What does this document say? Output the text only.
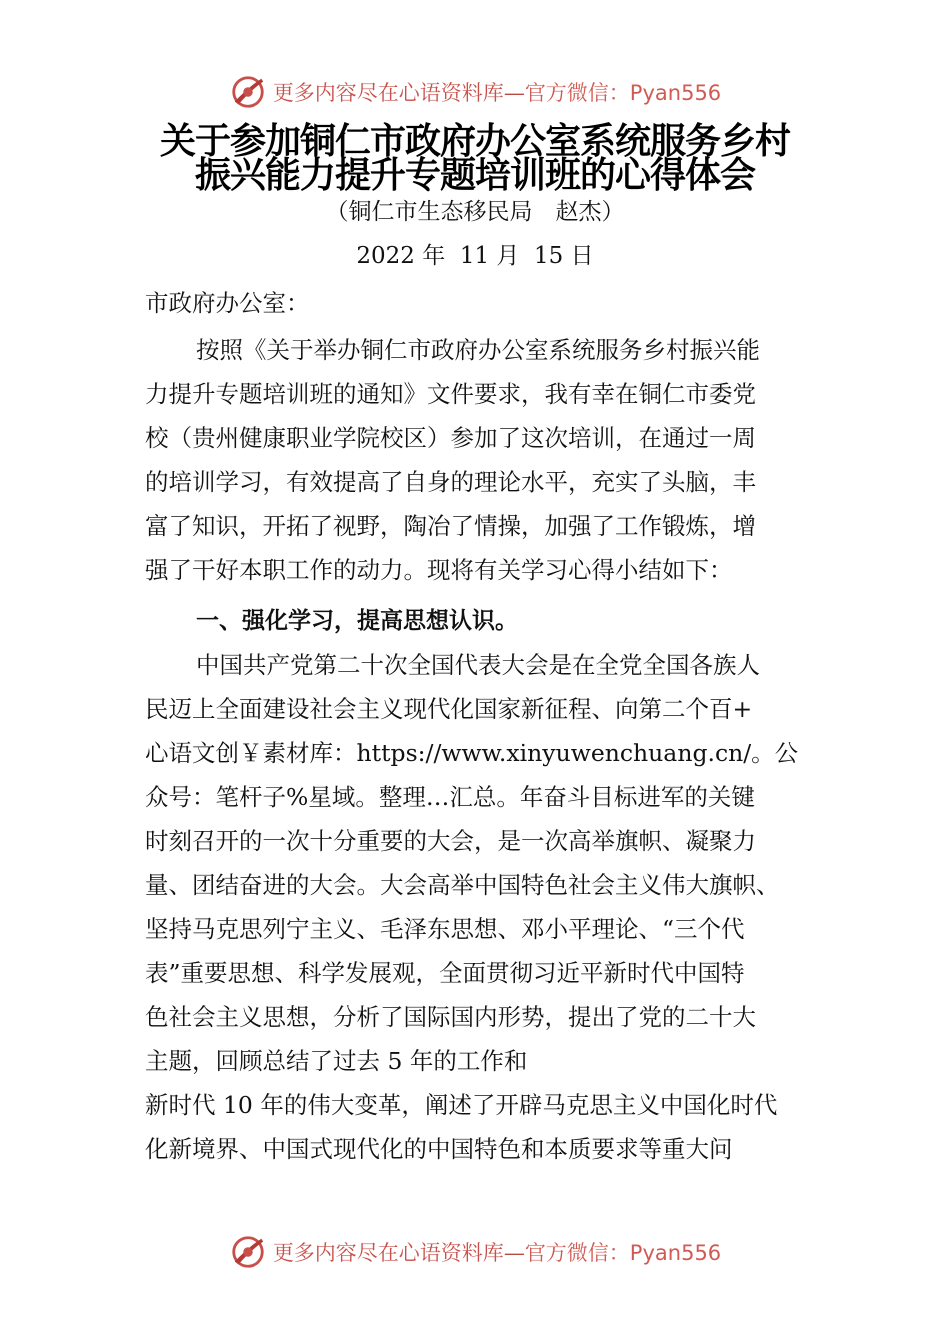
更多内容尽在心语资料库—官方微信：Pyan556
关于参加铜仁市政府办公室系统服务乡村
振兴能力提升专题培训班的心得体会
（铜仁市生态移民局　赵杰）
2022 年  11 月  15 日
市政府办公室：
按照《关于举办铜仁市政府办公室系统服务乡村振兴能
力提升专题培训班的通知》文件要求，我有幸在铜仁市委党
校（贵州健康职业学院校区）参加了这次培训，在通过一周
的培训学习，有效提高了自身的理论水平，充实了头脑，丰
富了知识，开拓了视野，陶冶了情操，加强了工作锻炼，增
强了干好本职工作的动力。现将有关学习心得小结如下：
一、强化学习，提高思想认识。
中国共产党第二十次全国代表大会是在全党全国各族人
民迈上全面建设社会主义现代化国家新征程、向第二个百+
心语文创￥素材库：https://www.xinyuwenchuang.cn/。公
众号：笔杆子%星域。整理…汇总。年奋斗目标进军的关键
时刻召开的一次十分重要的大会，是一次高举旗帜、凝聚力
量、团结奋进的大会。大会高举中国特色社会主义伟大旗帜、
坚持马克思列宁主义、毛泽东思想、邓小平理论、“三个代
表”重要思想、科学发展观，全面贯彻习近平新时代中国特
色社会主义思想，分析了国际国内形势，提出了党的二十大
主题，回顾总结了过去 5 年的工作和
新时代 10 年的伟大变革，阐述了开辟马克思主义中国化时代
化新境界、中国式现代化的中国特色和本质要求等重大问
更多内容尽在心语资料库—官方微信：Pyan556
